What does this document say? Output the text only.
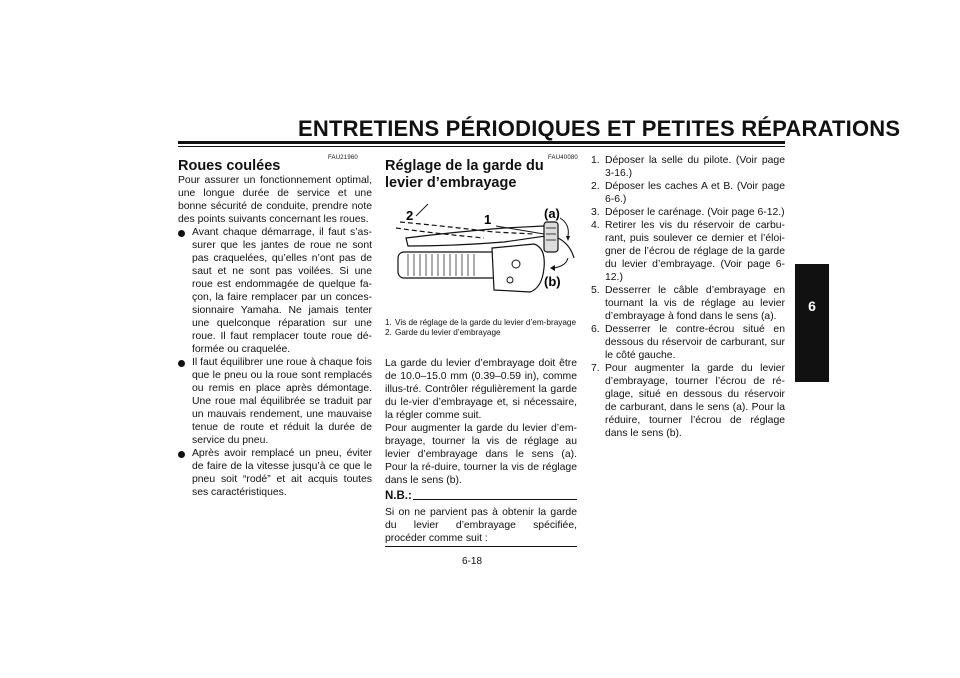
ENTRETIENS PÉRIODIQUES ET PETITES RÉPARATIONS
6
FAU21960
Roues coulées

Pour assurer un fonctionnement optimal, une longue durée de service et une bonne sécurité de conduite, prendre note des points suivants concernant les roues.

Avant chaque démarrage, il faut s’as-surer que les jantes de roue ne sont pas craquelées, qu’elles n’ont pas de saut et ne sont pas voilées. Si une roue est endommagée de quelque fa-çon, la faire remplacer par un conces-sionnaire Yamaha. Ne jamais tenter une quelconque réparation sur une roue. Il faut remplacer toute roue dé-formée ou craquelée.
Il faut équilibrer une roue à chaque fois que le pneu ou la roue sont remplacés ou remis en place après démontage. Une roue mal équilibrée se traduit par un mauvais rendement, une mauvaise tenue de route et réduit la durée de service du pneu.
Après avoir remplacé un pneu, éviter de faire de la vitesse jusqu’à ce que le pneu soit “rodé” et ait acquis toutes ses caractéristiques.
FAU40080
Réglage de la garde du levier d’embrayage
2	1	(a)
(b)
1. Vis de réglage de la garde du levier d’em-brayage
2. Garde du levier d’embrayage

La garde du levier d’embrayage doit être de 10.0–15.0 mm (0.39–0.59 in), comme illus-tré. Contrôler régulièrement la garde du le-vier d’embrayage et, si nécessaire, la régler comme suit.

Pour augmenter la garde du levier d’em-brayage, tourner la vis de réglage au levier d’embrayage dans le sens (a). Pour la ré-duire, tourner la vis de réglage dans le sens (b).

N.B.:
Si on ne parvient pas à obtenir la garde du levier d’embrayage spécifiée, procéder comme suit :
1. Déposer la selle du pilote. (Voir page 3-16.)
2. Déposer les caches A et B. (Voir page 6-6.)
3. Déposer le carénage. (Voir page 6-12.)
4. Retirer les vis du réservoir de carbu-rant, puis soulever ce dernier et l’éloi-gner de l’écrou de réglage de la garde du levier d’embrayage. (Voir page 6-12.)
5. Desserrer le câble d’embrayage en tournant la vis de réglage au levier d’embrayage à fond dans le sens (a).
6. Desserrer le contre-écrou situé en dessous du réservoir de carburant, sur le côté gauche.
7. Pour augmenter la garde du levier d’embrayage, tourner l’écrou de ré-glage, situé en dessous du réservoir de carburant, dans le sens (a). Pour la réduire, tourner l’écrou de réglage dans le sens (b).
6-18
